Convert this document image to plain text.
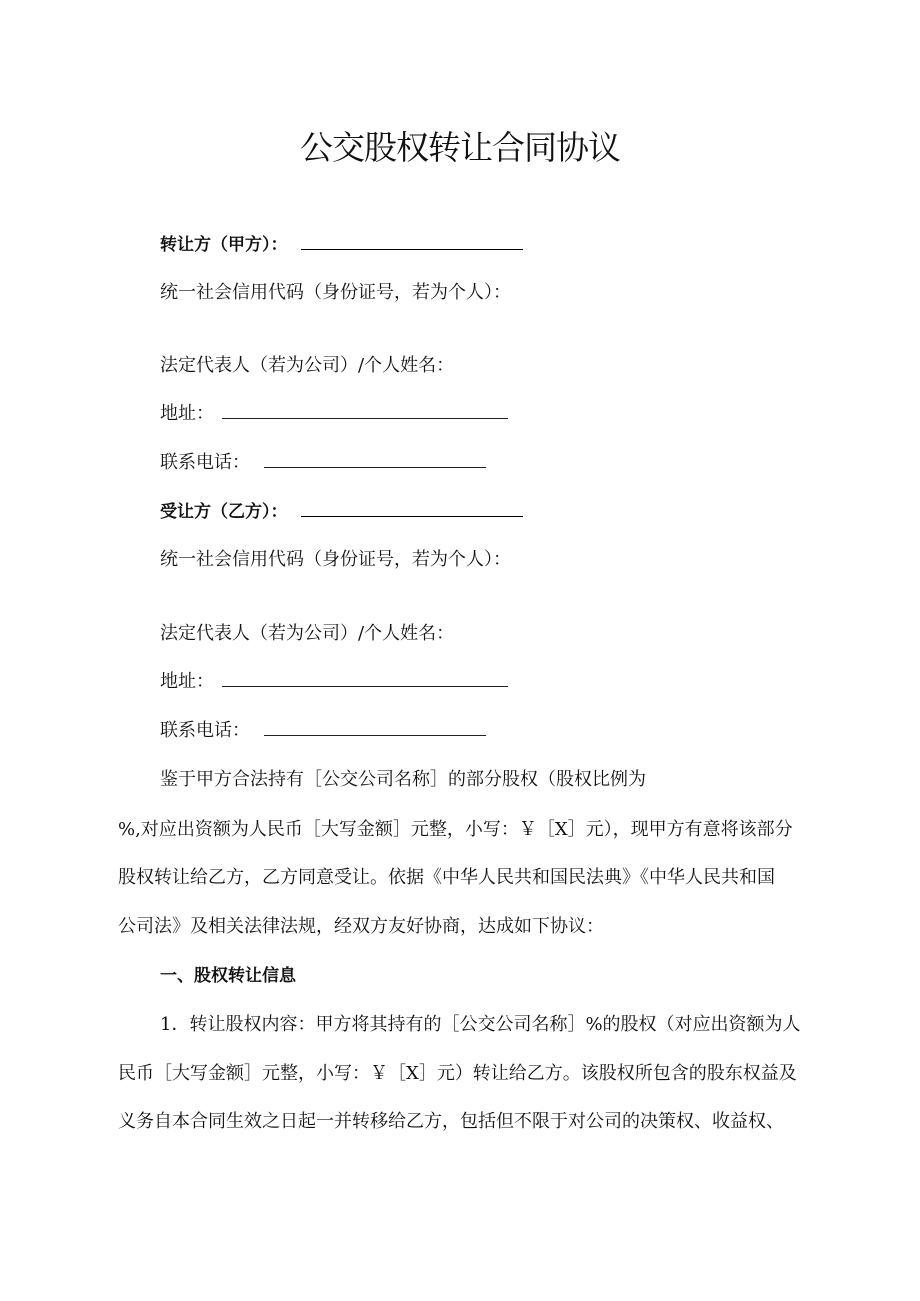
公交股权转让合同协议
转让方（甲方）：
统一社会信用代码（身份证号，若为个人）：
法定代表人（若为公司）/个人姓名：
地址：
联系电话：
受让方（乙方）：
统一社会信用代码（身份证号，若为个人）：
法定代表人（若为公司）/个人姓名：
地址：
联系电话：
鉴于甲方合法持有［公交公司名称］的部分股权（股权比例为
%,对应出资额为人民币［大写金额］元整，小写：￥［X］元），现甲方有意将该部分
股权转让给乙方，乙方同意受让。依据《中华人民共和国民法典》《中华人民共和国
公司法》及相关法律法规，经双方友好协商，达成如下协议：
一、股权转让信息
1．转让股权内容：甲方将其持有的［公交公司名称］%的股权（对应出资额为人
民币［大写金额］元整，小写：￥［X］元）转让给乙方。该股权所包含的股东权益及
义务自本合同生效之日起一并转移给乙方，包括但不限于对公司的决策权、收益权、
